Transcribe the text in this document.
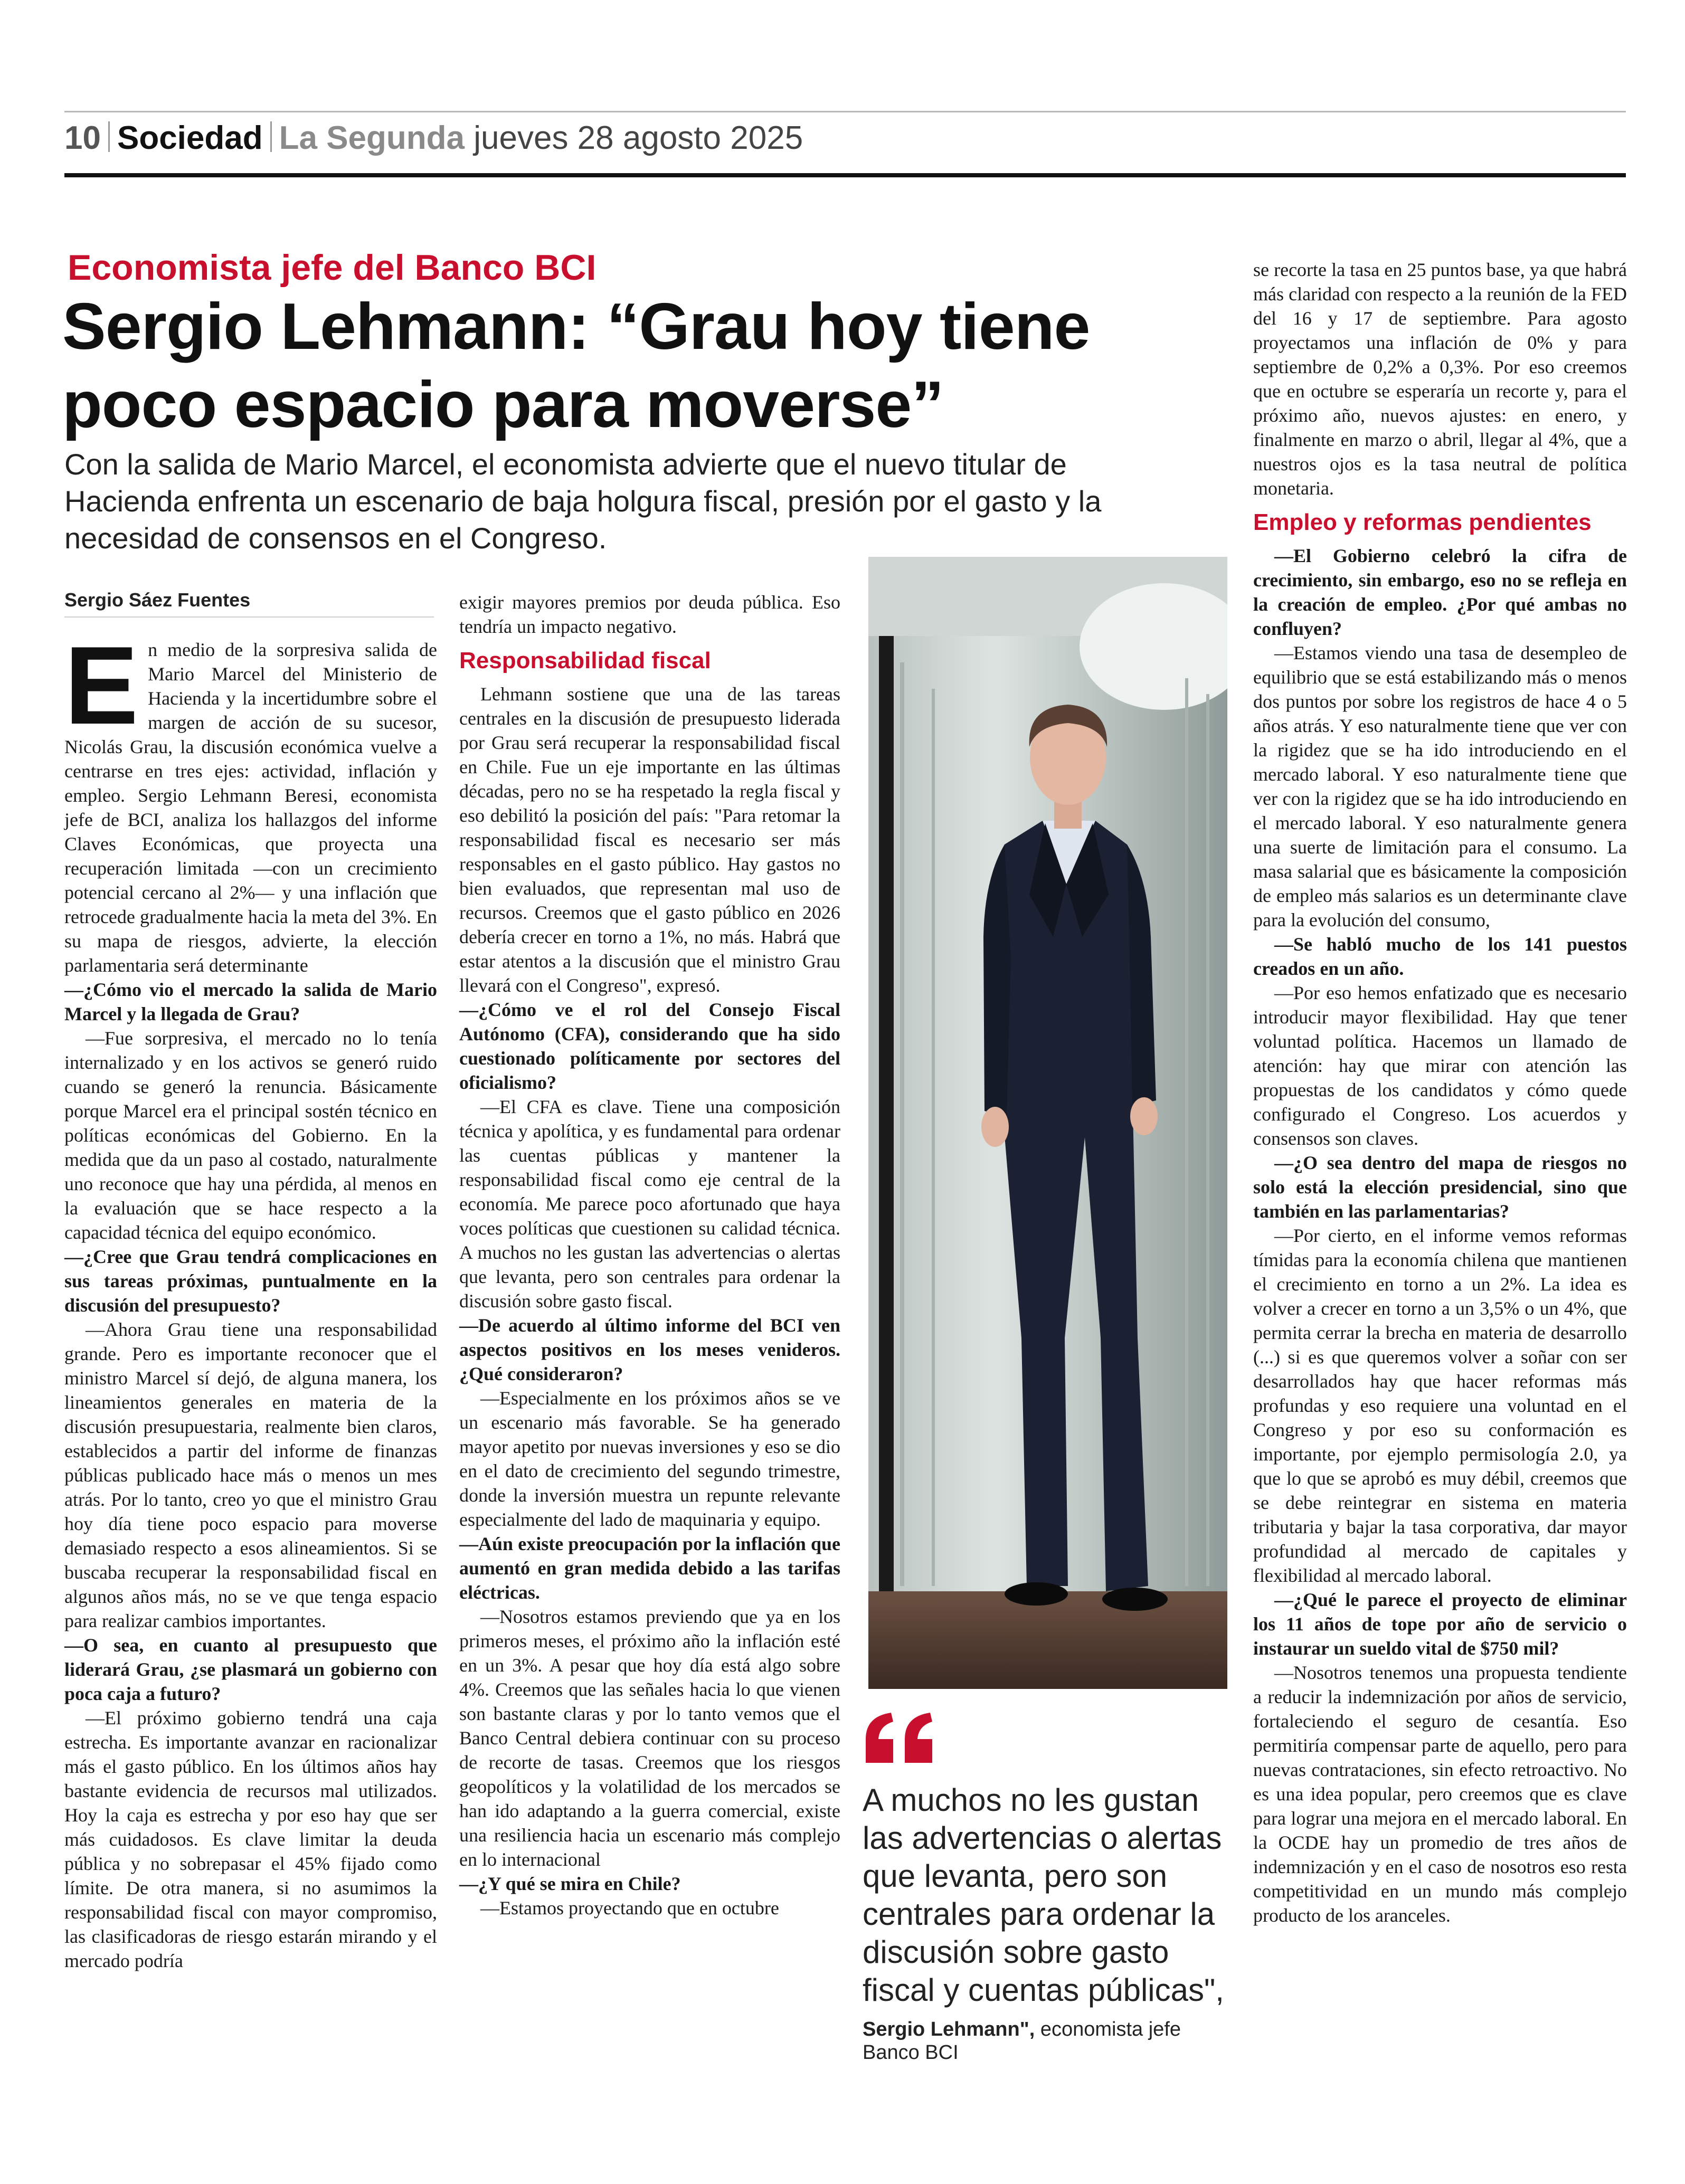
10 Sociedad La Segunda jueves 28 agosto 2025
Economista jefe del Banco BCI
Sergio Lehmann: “Grau hoy tiene poco espacio para moverse”
Con la salida de Mario Marcel, el economista advierte que el nuevo titular de Hacienda enfrenta un escenario de baja holgura fiscal, presión por el gasto y la necesidad de consensos en el Congreso.
Sergio Sáez Fuentes

En medio de la sorpresiva salida de Mario Marcel del Ministerio de Hacienda y la incertidumbre sobre el margen de acción de su sucesor, Nicolás Grau, la discusión económica vuelve a centrarse en tres ejes: actividad, inflación y empleo. Sergio Lehmann Beresi, economista jefe de BCI, analiza los hallazgos del informe Claves Económicas, que proyecta una recuperación limitada —con un crecimiento potencial cercano al 2%— y una inflación que retrocede gradualmente hacia la meta del 3%. En su mapa de riesgos, advierte, la elección parlamentaria será determinante

—¿Cómo vio el mercado la salida de Mario Marcel y la llegada de Grau?

—Fue sorpresiva, el mercado no lo tenía internalizado y en los activos se generó ruido cuando se generó la renuncia. Básicamente porque Marcel era el principal sostén técnico en políticas económicas del Gobierno. En la medida que da un paso al costado, naturalmente uno reconoce que hay una pérdida, al menos en la evaluación que se hace respecto a la capacidad técnica del equipo económico.

—¿Cree que Grau tendrá complicaciones en sus tareas próximas, puntualmente en la discusión del presupuesto?

—Ahora Grau tiene una responsabilidad grande. Pero es importante reconocer que el ministro Marcel sí dejó, de alguna manera, los lineamientos generales en materia de la discusión presupuestaria, realmente bien claros, establecidos a partir del informe de finanzas públicas publicado hace más o menos un mes atrás. Por lo tanto, creo yo que el ministro Grau hoy día tiene poco espacio para moverse demasiado respecto a esos alineamientos. Si se buscaba recuperar la responsabilidad fiscal en algunos años más, no se ve que tenga espacio para realizar cambios importantes.

—O sea, en cuanto al presupuesto que liderará Grau, ¿se plasmará un gobierno con poca caja a futuro?

—El próximo gobierno tendrá una caja estrecha. Es importante avanzar en racionalizar más el gasto público. En los últimos años hay bastante evidencia de recursos mal utilizados. Hoy la caja es estrecha y por eso hay que ser más cuidadosos. Es clave limitar la deuda pública y no sobrepasar el 45% fijado como límite. De otra manera, si no asumimos la responsabilidad fiscal con mayor compromiso, las clasificadoras de riesgo estarán mirando y el mercado podría

exigir mayores premios por deuda pública. Eso tendría un impacto negativo.

Responsabilidad fiscal

Lehmann sostiene que una de las tareas centrales en la discusión de presupuesto liderada por Grau será recuperar la responsabilidad fiscal en Chile. Fue un eje importante en las últimas décadas, pero no se ha respetado la regla fiscal y eso debilitó la posición del país: "Para retomar la responsabilidad fiscal es necesario ser más responsables en el gasto público. Hay gastos no bien evaluados, que representan mal uso de recursos. Creemos que el gasto público en 2026 debería crecer en torno a 1%, no más. Habrá que estar atentos a la discusión que el ministro Grau llevará con el Congreso", expresó.

—¿Cómo ve el rol del Consejo Fiscal Autónomo (CFA), considerando que ha sido cuestionado políticamente por sectores del oficialismo?

—El CFA es clave. Tiene una composición técnica y apolítica, y es fundamental para ordenar las cuentas públicas y mantener la responsabilidad fiscal como eje central de la economía. Me parece poco afortunado que haya voces políticas que cuestionen su calidad técnica. A muchos no les gustan las advertencias o alertas que levanta, pero son centrales para ordenar la discusión sobre gasto fiscal.

—De acuerdo al último informe del BCI ven aspectos positivos en los meses venideros. ¿Qué consideraron?

—Especialmente en los próximos años se ve un escenario más favorable. Se ha generado mayor apetito por nuevas inversiones y eso se dio en el dato de crecimiento del segundo trimestre, donde la inversión muestra un repunte relevante especialmente del lado de maquinaria y equipo.

—Aún existe preocupación por la inflación que aumentó en gran medida debido a las tarifas eléctricas.

—Nosotros estamos previendo que ya en los primeros meses, el próximo año la inflación esté en un 3%. A pesar que hoy día está algo sobre 4%. Creemos que las señales hacia lo que vienen son bastante claras y por lo tanto vemos que el Banco Central debiera continuar con su proceso de recorte de tasas. Creemos que los riesgos geopolíticos y la volatilidad de los mercados se han ido adaptando a la guerra comercial, existe una resiliencia hacia un escenario más complejo en lo internacional

—¿Y qué se mira en Chile?

—Estamos proyectando que en octubre

A muchos no les gustan las advertencias o alertas que levanta, pero son centrales para ordenar la discusión sobre gasto fiscal y cuentas públicas",
Sergio Lehmann", economista jefe Banco BCI

se recorte la tasa en 25 puntos base, ya que habrá más claridad con respecto a la reunión de la FED del 16 y 17 de septiembre. Para agosto proyectamos una inflación de 0% y para septiembre de 0,2% a 0,3%. Por eso creemos que en octubre se esperaría un recorte y, para el próximo año, nuevos ajustes: en enero, y finalmente en marzo o abril, llegar al 4%, que a nuestros ojos es la tasa neutral de política monetaria.

Empleo y reformas pendientes

—El Gobierno celebró la cifra de crecimiento, sin embargo, eso no se refleja en la creación de empleo. ¿Por qué ambas no confluyen?

—Estamos viendo una tasa de desempleo de equilibrio que se está estabilizando más o menos dos puntos por sobre los registros de hace 4 o 5 años atrás. Y eso naturalmente tiene que ver con la rigidez que se ha ido introduciendo en el mercado laboral. Y eso naturalmente tiene que ver con la rigidez que se ha ido introduciendo en el mercado laboral. Y eso naturalmente genera una suerte de limitación para el consumo. La masa salarial que es básicamente la composición de empleo más salarios es un determinante clave para la evolución del consumo,

—Se habló mucho de los 141 puestos creados en un año.

—Por eso hemos enfatizado que es necesario introducir mayor flexibilidad. Hay que tener voluntad política. Hacemos un llamado de atención: hay que mirar con atención las propuestas de los candidatos y cómo quede configurado el Congreso. Los acuerdos y consensos son claves.

—¿O sea dentro del mapa de riesgos no solo está la elección presidencial, sino que también en las parlamentarias?

—Por cierto, en el informe vemos reformas tímidas para la economía chilena que mantienen el crecimiento en torno a un 2%. La idea es volver a crecer en torno a un 3,5% o un 4%, que permita cerrar la brecha en materia de desarrollo (...) si es que queremos volver a soñar con ser desarrollados hay que hacer reformas más profundas y eso requiere una voluntad en el Congreso y por eso su conformación es importante, por ejemplo permisología 2.0, ya que lo que se aprobó es muy débil, creemos que se debe reintegrar en sistema en materia tributaria y bajar la tasa corporativa, dar mayor profundidad al mercado de capitales y flexibilidad al mercado laboral.

—¿Qué le parece el proyecto de eliminar los 11 años de tope por año de servicio o instaurar un sueldo vital de $750 mil?

—Nosotros tenemos una propuesta tendiente a reducir la indemnización por años de servicio, fortaleciendo el seguro de cesantía. Eso permitiría compensar parte de aquello, pero para nuevas contrataciones, sin efecto retroactivo. No es una idea popular, pero creemos que es clave para lograr una mejora en el mercado laboral. En la OCDE hay un promedio de tres años de indemnización y en el caso de nosotros eso resta competitividad en un mundo más complejo producto de los aranceles.
